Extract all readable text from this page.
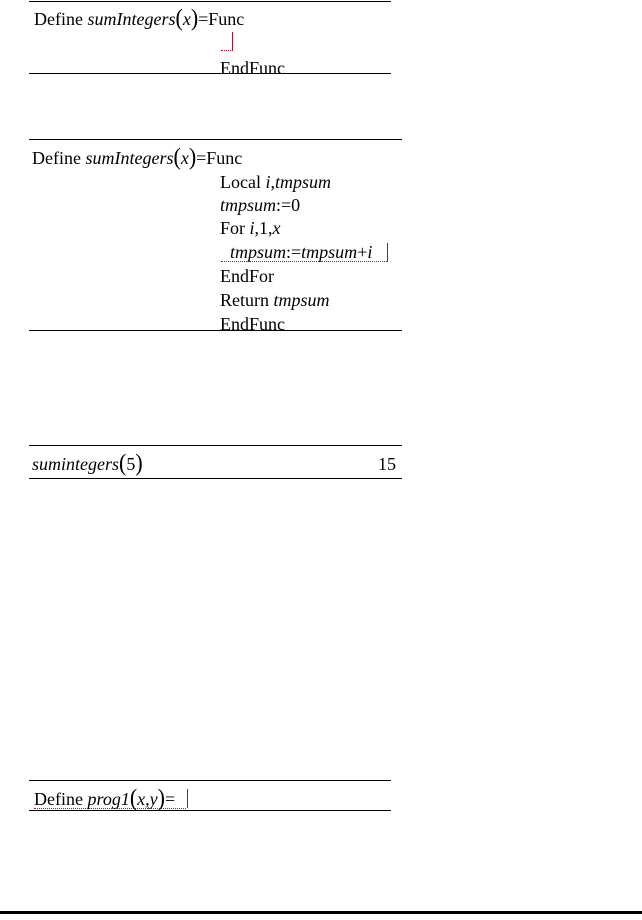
Define sumIntegers(x)=Func
EndFunc
Define sumIntegers(x)=Func
Local i,tmpsum
tmpsum:=0
For i,1,x
tmpsum:=tmpsum+i
EndFor
Return tmpsum
EndFunc
sumintegers(5)	15
Define prog1(x,y)=
